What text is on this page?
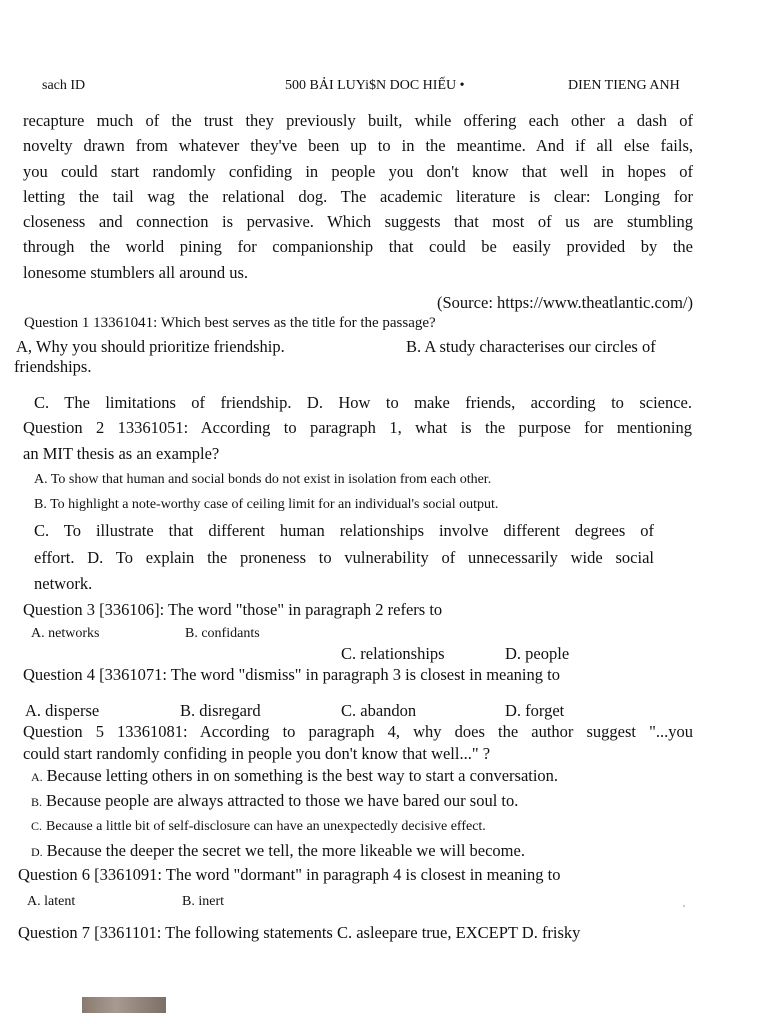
sach ID	500 BẢI LUYi$N DOC HIẾU •	DIEN TIENG ANH
recapture much of the trust they previously built, while offering each other a dash of
novelty drawn from whatever they've been up to in the meantime. And if all else fails,
you could start randomly confiding in people you don't know that well in hopes of
letting the tail wag the relational dog. The academic literature is clear: Longing for
closeness and connection is pervasive. Which suggests that most of us are stumbling
through the world pining for companionship that could be easily provided by the
lonesome stumblers all around us.
(Source: https://www.theatlantic.com/)
Question 1 13361041: Which best serves as the title for the passage?
A, Why you should prioritize friendship.	B. A study characterises our circles of
friendships.
C. The limitations of friendship. D. How to make friends, according to science.
Question 2 13361051: According to paragraph 1, what is the purpose for mentioning
an MIT thesis as an example?
A. To show that human and social bonds do not exist in isolation from each other.
B. To highlight a note-worthy case of ceiling limit for an individual's social output.
C. To illustrate that different human relationships involve different degrees of
effort. D. To explain the proneness to vulnerability of unnecessarily wide social
network.
Question 3 [336106]: The word "those" in paragraph 2 refers to
A. networks	B. confidants
C. relationships	D. people
Question 4 [3361071: The word "dismiss" in paragraph 3 is closest in meaning to
A. disperse	B. disregard	C. abandon	D. forget
Question 5 13361081: According to paragraph 4, why does the author suggest "...you
could start randomly confiding in people you don't know that well..." ?
A. Because letting others in on something is the best way to start a conversation.
B. Because people are always attracted to those we have bared our soul to.
C. Because a little bit of self-disclosure can have an unexpectedly decisive effect.
D. Because the deeper the secret we tell, the more likeable we will become.
Question 6 [3361091: The word "dormant" in paragraph 4 is closest in meaning to
A. latent	B. inert
Question 7 [3361101: The following statements C. asleepare true, EXCEPT D. frisky
